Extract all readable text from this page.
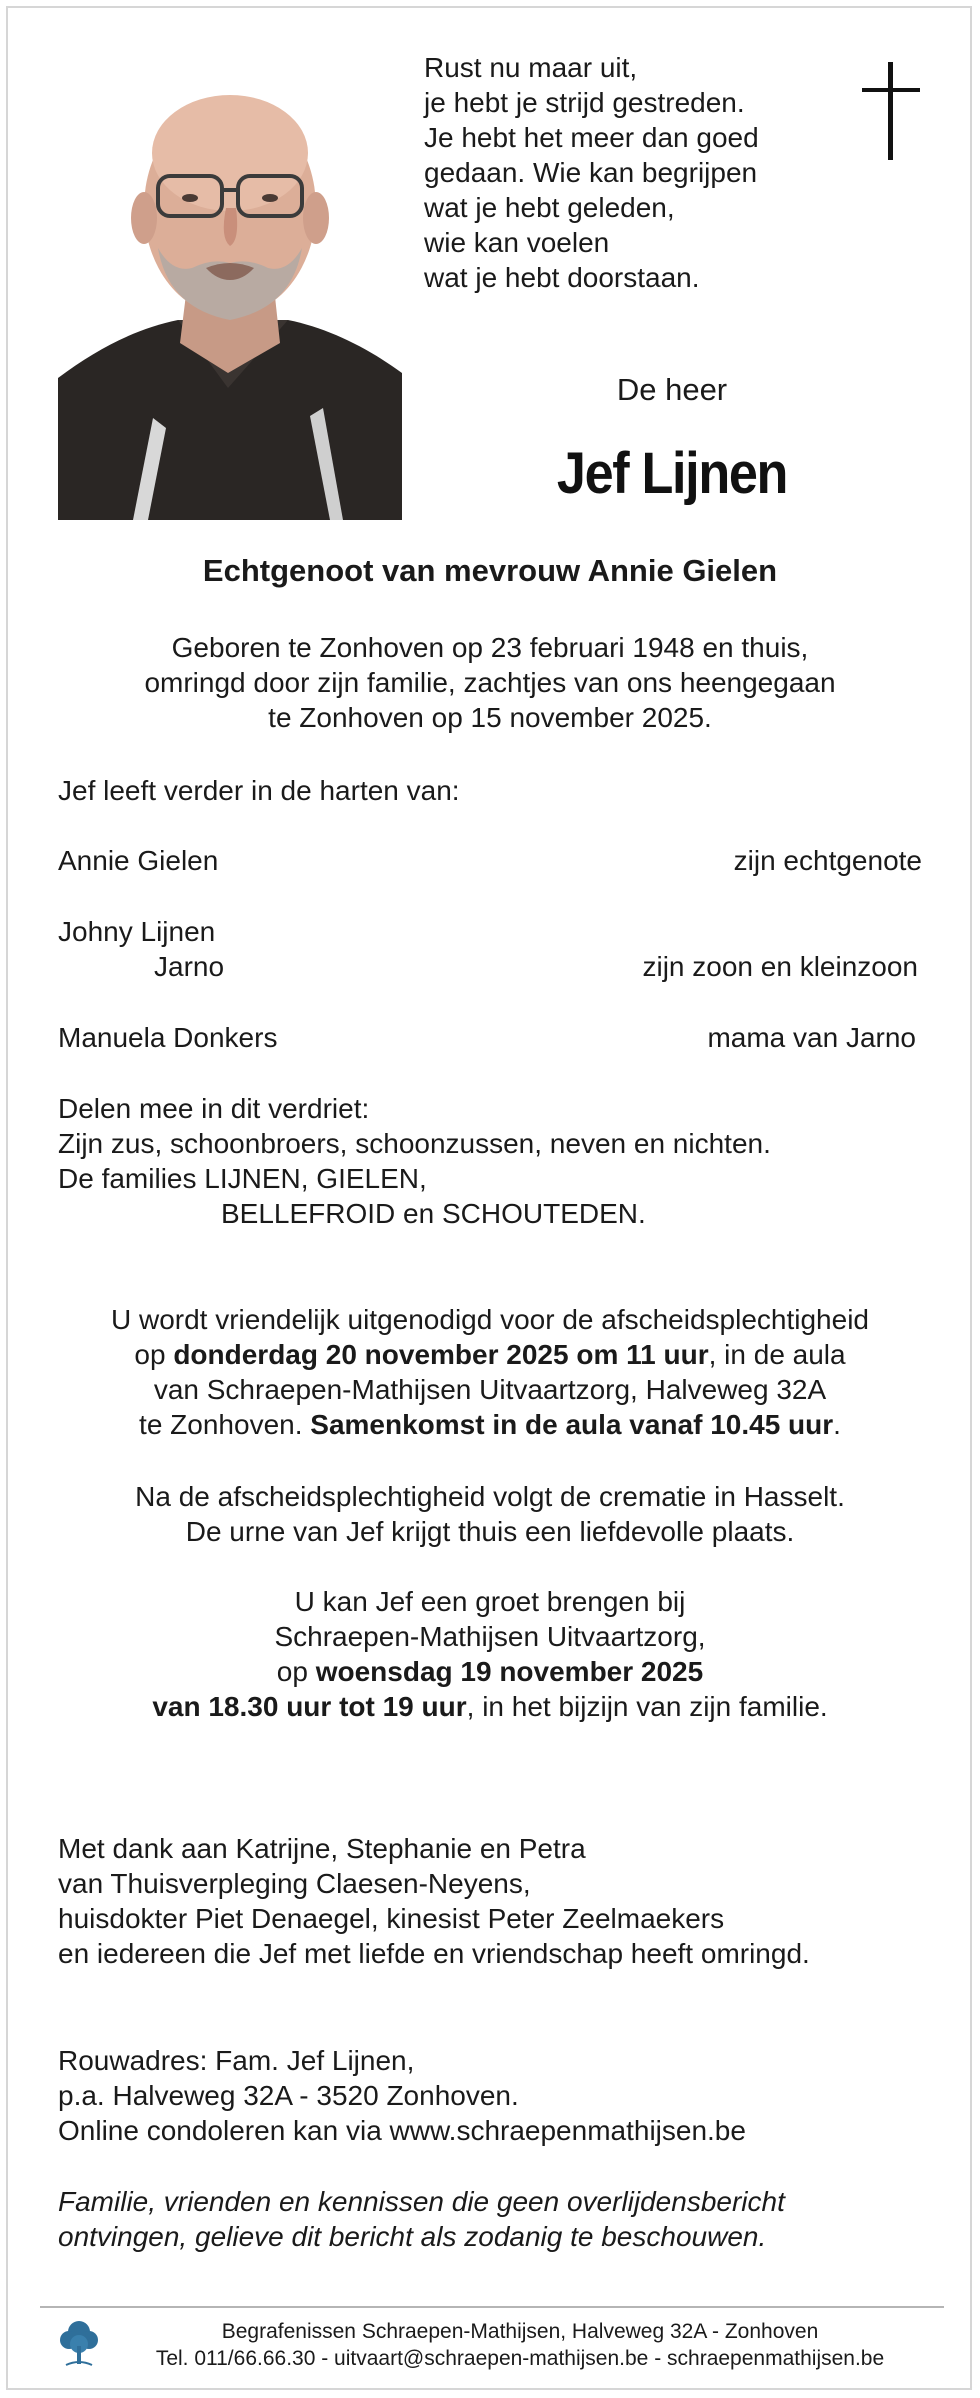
Rust nu maar uit,
je hebt je strijd gestreden.
Je hebt het meer dan goed
gedaan. Wie kan begrijpen
wat je hebt geleden,
wie kan voelen
wat je hebt doorstaan.
De heer
Jef Lijnen
Echtgenoot van mevrouw Annie Gielen
Geboren te Zonhoven op 23 februari 1948 en thuis,
omringd door zijn familie, zachtjes van ons heengegaan
te Zonhoven op 15 november 2025.
Jef leeft verder in de harten van:
Annie Gielen	zijn echtgenote
Johny Lijnen
Jarno	zijn zoon en kleinzoon
Manuela Donkers	mama van Jarno
Delen mee in dit verdriet:
Zijn zus, schoonbroers, schoonzussen, neven en nichten.
De families LIJNEN, GIELEN,
BELLEFROID en SCHOUTEDEN.
U wordt vriendelijk uitgenodigd voor de afscheidsplechtigheid
op donderdag 20 november 2025 om 11 uur, in de aula
van Schraepen-Mathijsen Uitvaartzorg, Halveweg 32A
te Zonhoven. Samenkomst in de aula vanaf 10.45 uur.
Na de afscheidsplechtigheid volgt de crematie in Hasselt.
De urne van Jef krijgt thuis een liefdevolle plaats.
U kan Jef een groet brengen bij
Schraepen-Mathijsen Uitvaartzorg,
op woensdag 19 november 2025
van 18.30 uur tot 19 uur, in het bijzijn van zijn familie.
Met dank aan Katrijne, Stephanie en Petra
van Thuisverpleging Claesen-Neyens,
huisdokter Piet Denaegel, kinesist Peter Zeelmaekers
en iedereen die Jef met liefde en vriendschap heeft omringd.
Rouwadres: Fam. Jef Lijnen,
p.a. Halveweg 32A - 3520 Zonhoven.
Online condoleren kan via www.schraepenmathijsen.be
Familie, vrienden en kennissen die geen overlijdensbericht
ontvingen, gelieve dit bericht als zodanig te beschouwen.
Begrafenissen Schraepen-Mathijsen, Halveweg 32A - Zonhoven
Tel. 011/66.66.30 - uitvaart@schraepen-mathijsen.be - schraepenmathijsen.be
